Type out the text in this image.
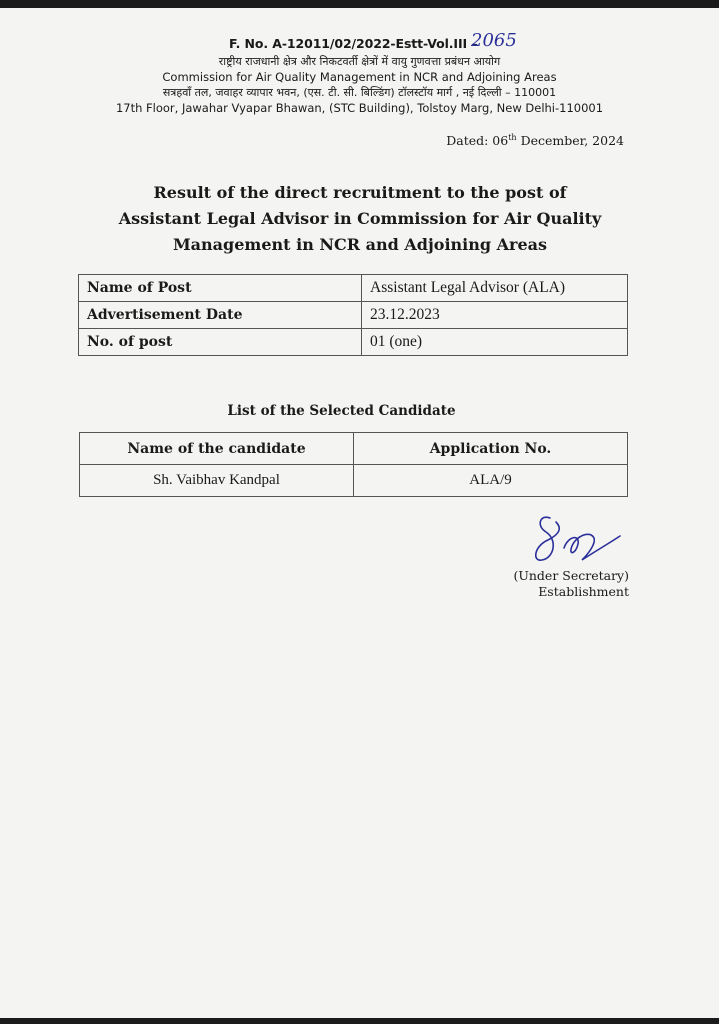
F. No. A-12011/02/2022-Estt-Vol.III –
2065
राष्ट्रीय राजधानी क्षेत्र और निकटवर्ती क्षेत्रों में वायु गुणवत्ता प्रबंधन आयोग
Commission for Air Quality Management in NCR and Adjoining Areas
सत्रहवाँ तल, जवाहर व्यापार भवन, (एस. टी. सी. बिल्डिंग) टॉलस्टॉय मार्ग , नई दिल्ली – 110001
17th Floor, Jawahar Vyapar Bhawan, (STC Building), Tolstoy Marg, New Delhi-110001
Dated: 06th December, 2024
Result of the direct recruitment to the post of
Assistant Legal Advisor in Commission for Air Quality
Management in NCR and Adjoining Areas
Name of Post	Assistant Legal Advisor (ALA)
Advertisement Date	23.12.2023
No. of post	01 (one)
List of the Selected Candidate
Name of the candidate	Application No.
Sh. Vaibhav Kandpal	ALA/9
(Under Secretary)
Establishment
